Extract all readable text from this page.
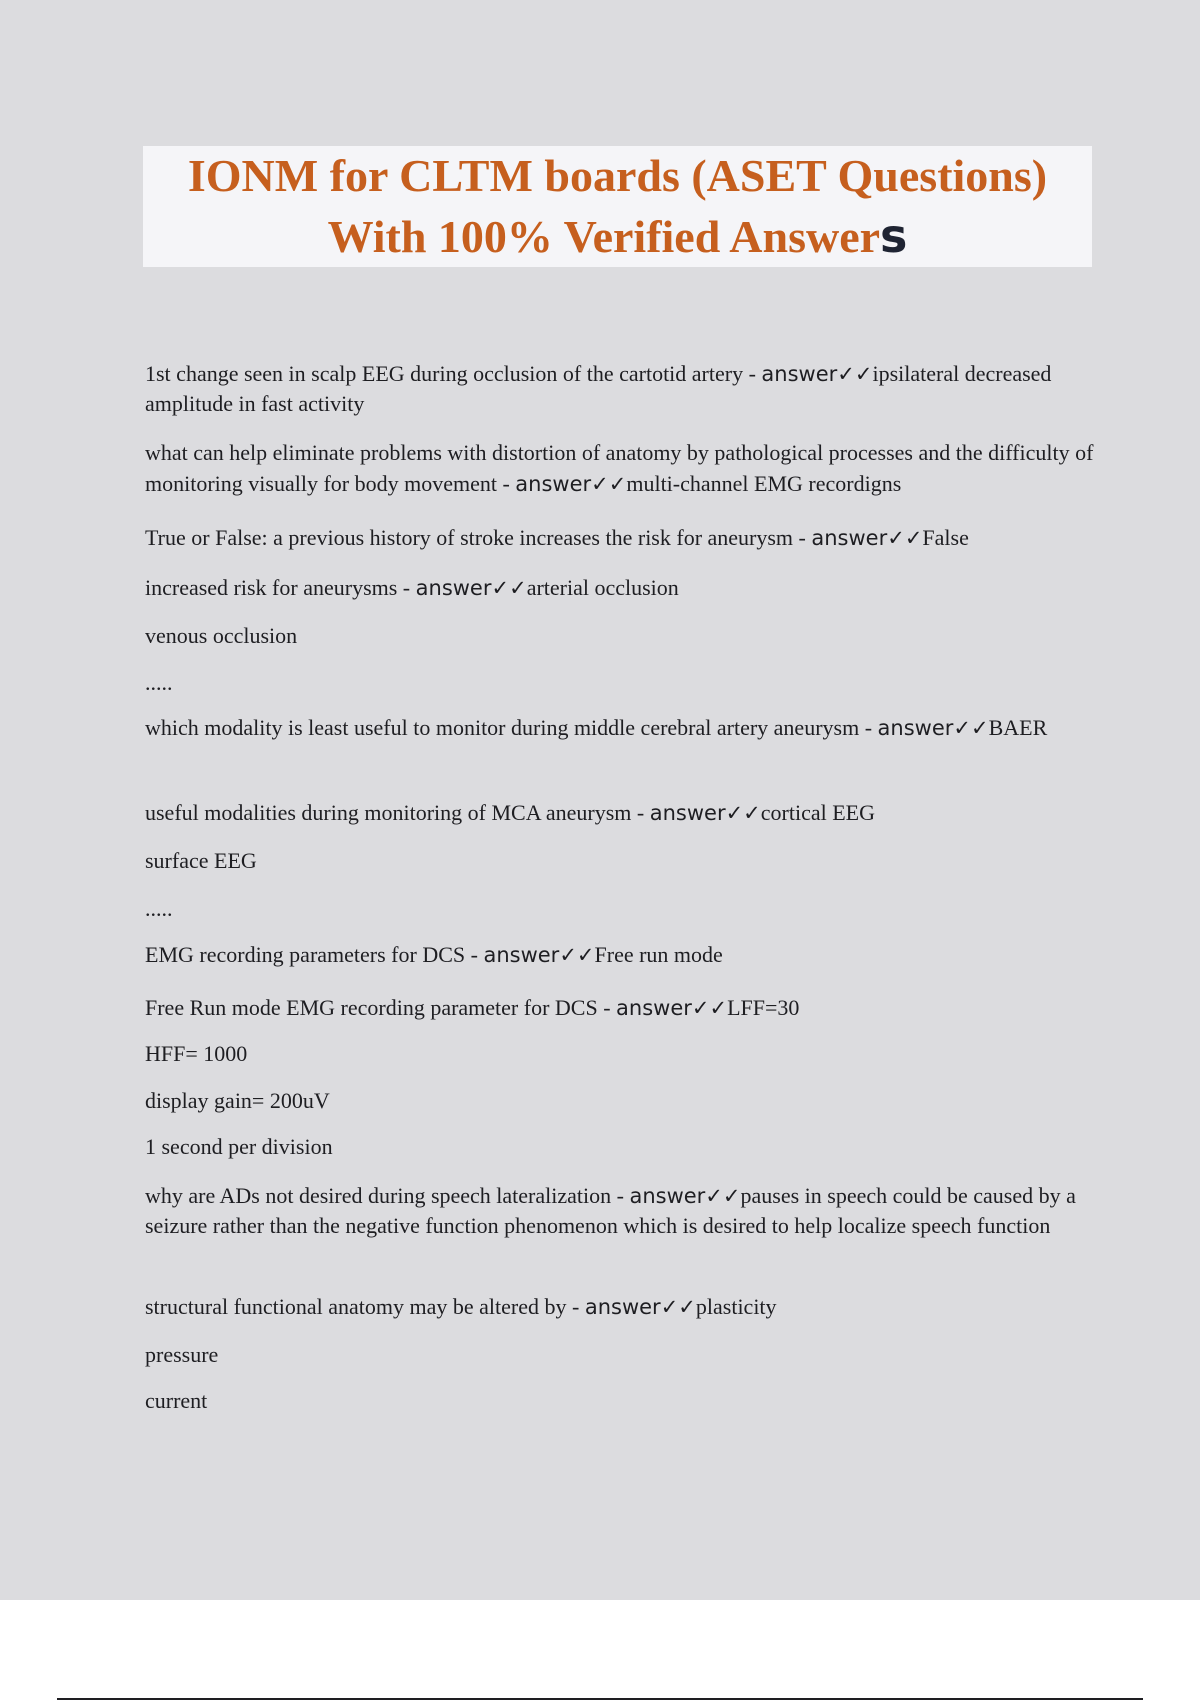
IONM for CLTM boards (ASET Questions)

With 100% Verified Answers

1st change seen in scalp EEG during occlusion of the cartotid artery - answer✓✓ipsilateral decreased amplitude in fast activity

what can help eliminate problems with distortion of anatomy by pathological processes and the difficulty of monitoring visually for body movement - answer✓✓multi-channel EMG recordigns

True or False: a previous history of stroke increases the risk for aneurysm - answer✓✓False

increased risk for aneurysms - answer✓✓arterial occlusion

venous occlusion

.....

which modality is least useful to monitor during middle cerebral artery aneurysm - answer✓✓BAER

useful modalities during monitoring of MCA aneurysm - answer✓✓cortical EEG

surface EEG

.....

EMG recording parameters for DCS - answer✓✓Free run mode

Free Run mode EMG recording parameter for DCS - answer✓✓LFF=30

HFF= 1000

display gain= 200uV

1 second per division

why are ADs not desired during speech lateralization - answer✓✓pauses in speech could be caused by a seizure rather than the negative function phenomenon which is desired to help localize speech function

structural functional anatomy may be altered by - answer✓✓plasticity

pressure

current
